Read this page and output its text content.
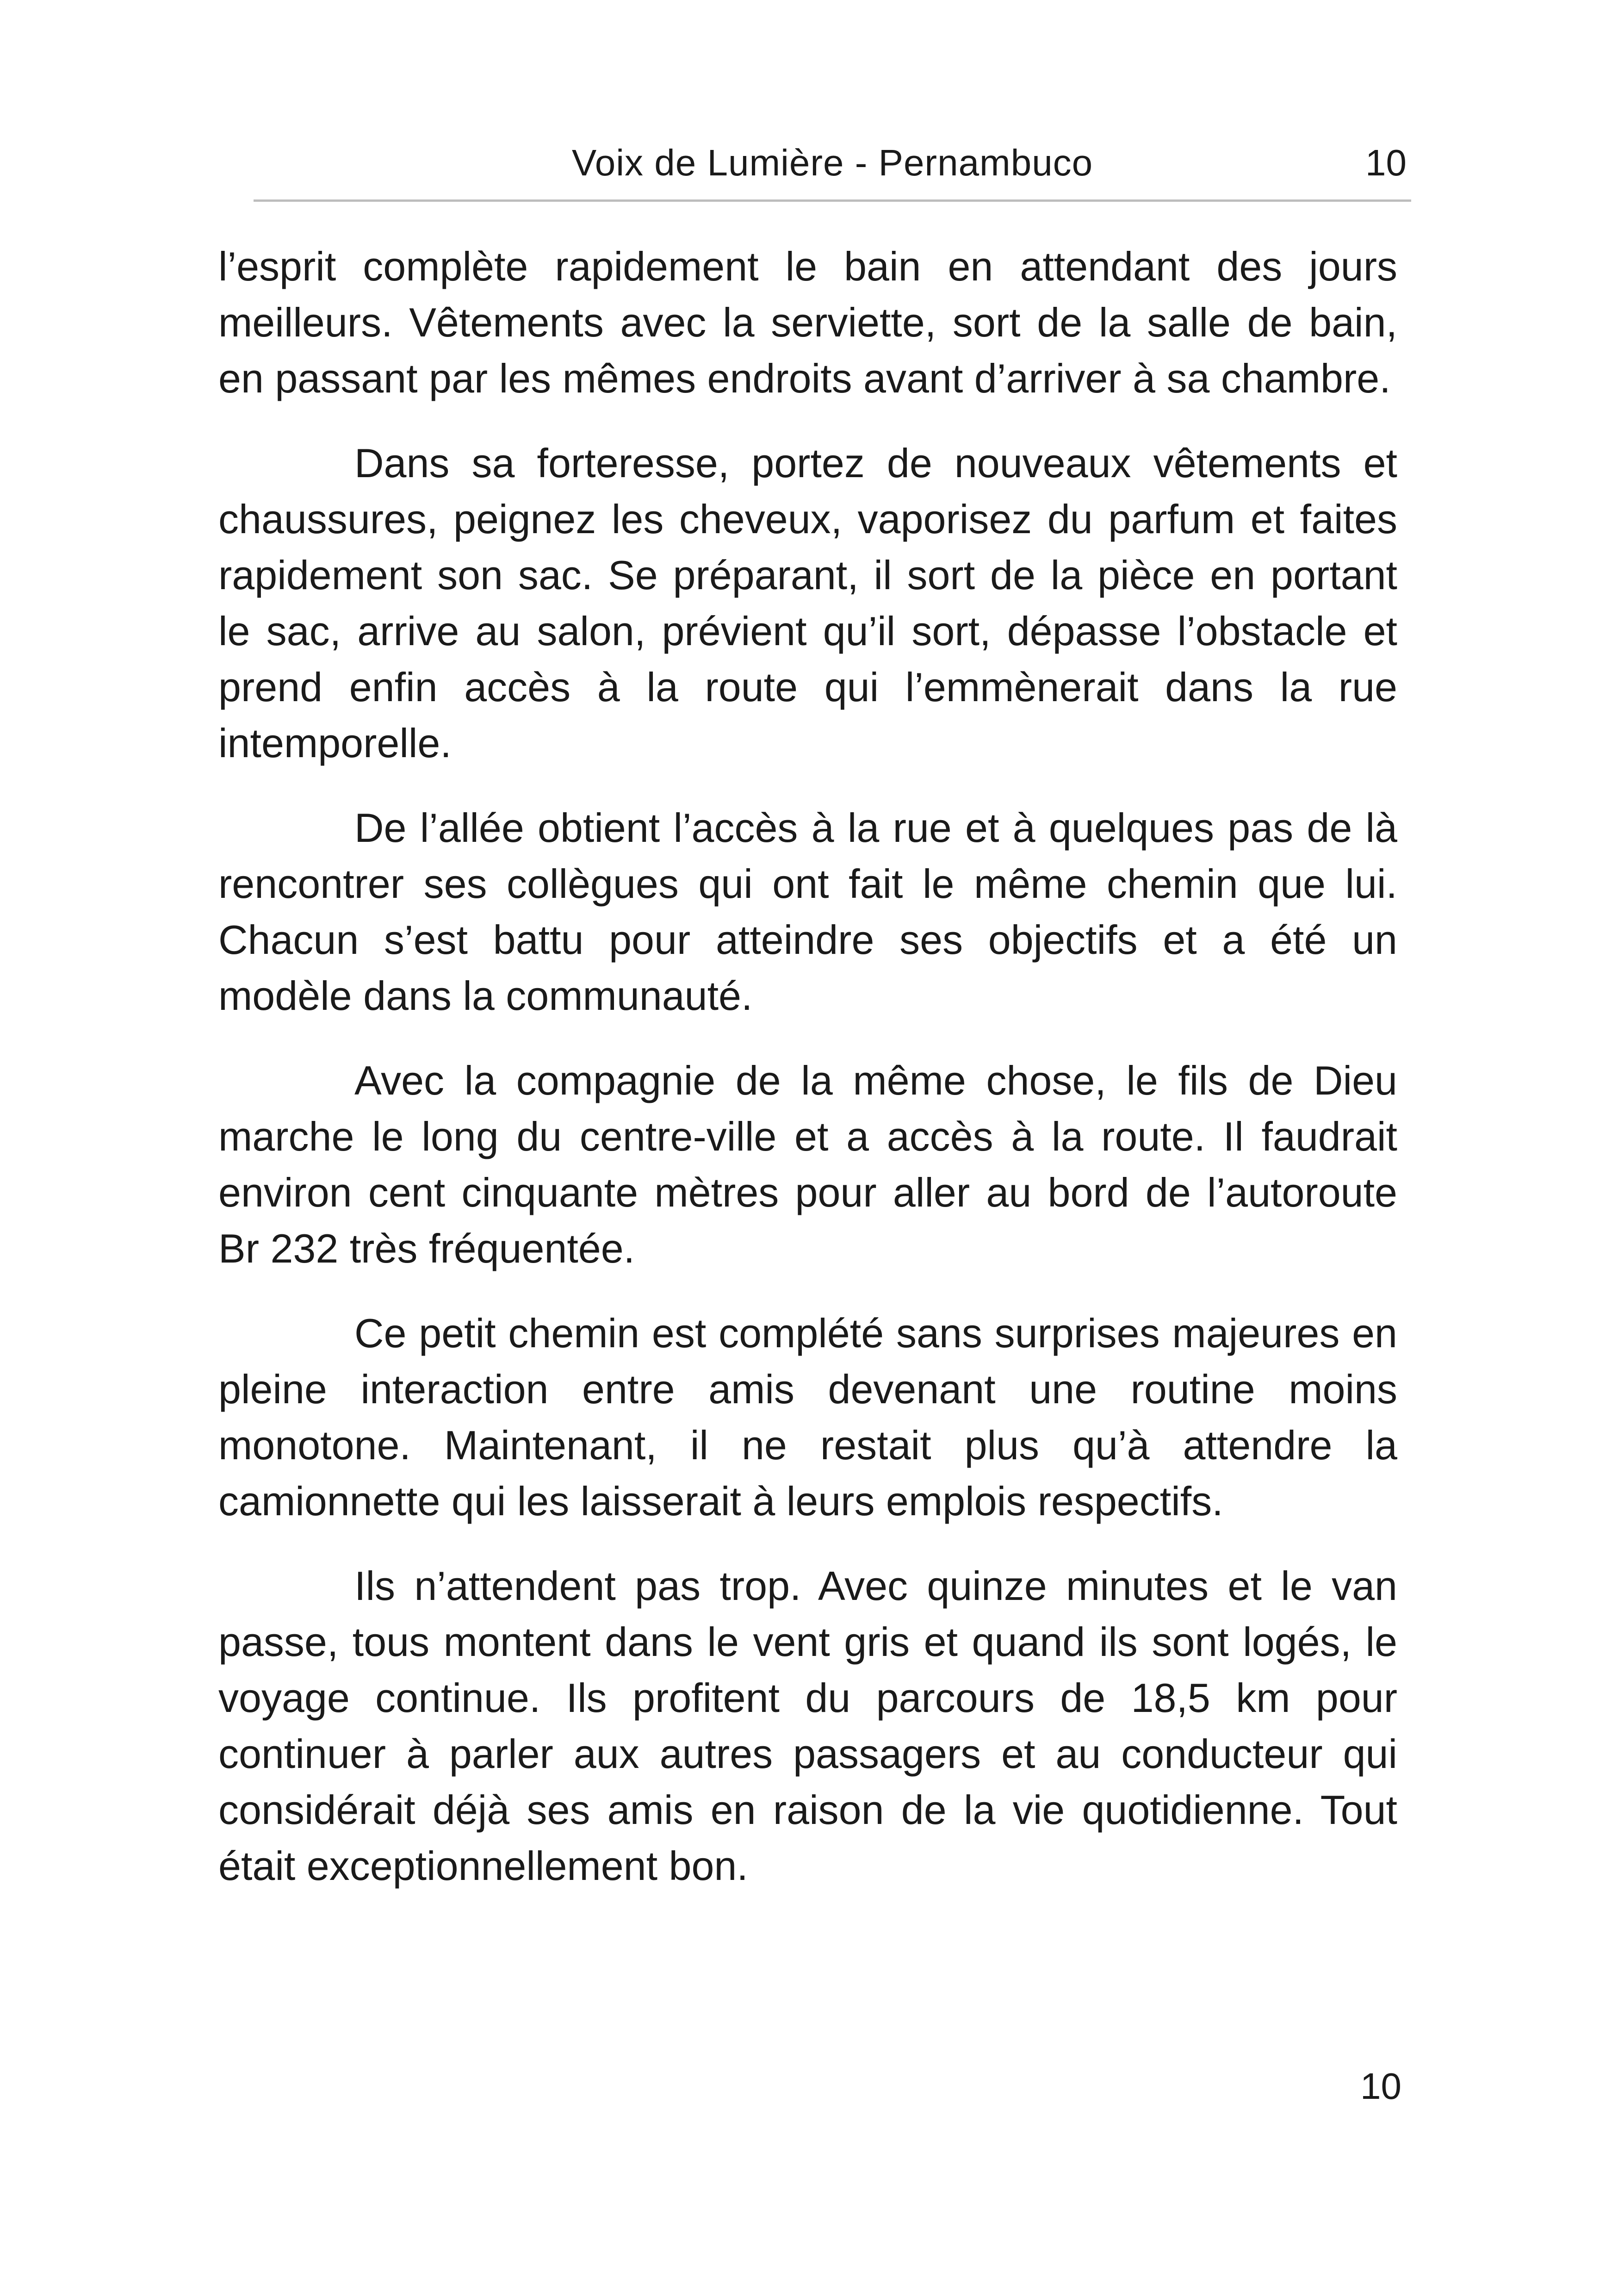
Voix de Lumière - Pernambuco	10

l’esprit complète rapidement le bain en attendant des jours meilleurs. Vêtements avec la serviette, sort de la salle de bain, en passant par les mêmes endroits avant d’arriver à sa chambre.

Dans sa forteresse, portez de nouveaux vêtements et chaussures, peignez les cheveux, vaporisez du parfum et faites rapidement son sac. Se préparant, il sort de la pièce en portant le sac, arrive au salon, prévient qu’il sort, dépasse l’obstacle et prend enfin accès à la route qui l’emmènerait dans la rue intemporelle.

De l’allée obtient l’accès à la rue et à quelques pas de là rencontrer ses collègues qui ont fait le même chemin que lui. Chacun s’est battu pour atteindre ses objectifs et a été un modèle dans la communauté.

Avec la compagnie de la même chose, le fils de Dieu marche le long du centre-ville et a accès à la route. Il faudrait environ cent cinquante mètres pour aller au bord de l’autoroute Br 232 très fréquentée.

Ce petit chemin est complété sans surprises majeures en pleine interaction entre amis devenant une routine moins monotone. Maintenant, il ne restait plus qu’à attendre la camionnette qui les laisserait à leurs emplois respectifs.

Ils n’attendent pas trop. Avec quinze minutes et le van passe, tous montent dans le vent gris et quand ils sont logés, le voyage continue. Ils profitent du parcours de 18,5 km pour continuer à parler aux autres passagers et au conducteur qui considérait déjà ses amis en raison de la vie quotidienne. Tout était exceptionnellement bon.

10
